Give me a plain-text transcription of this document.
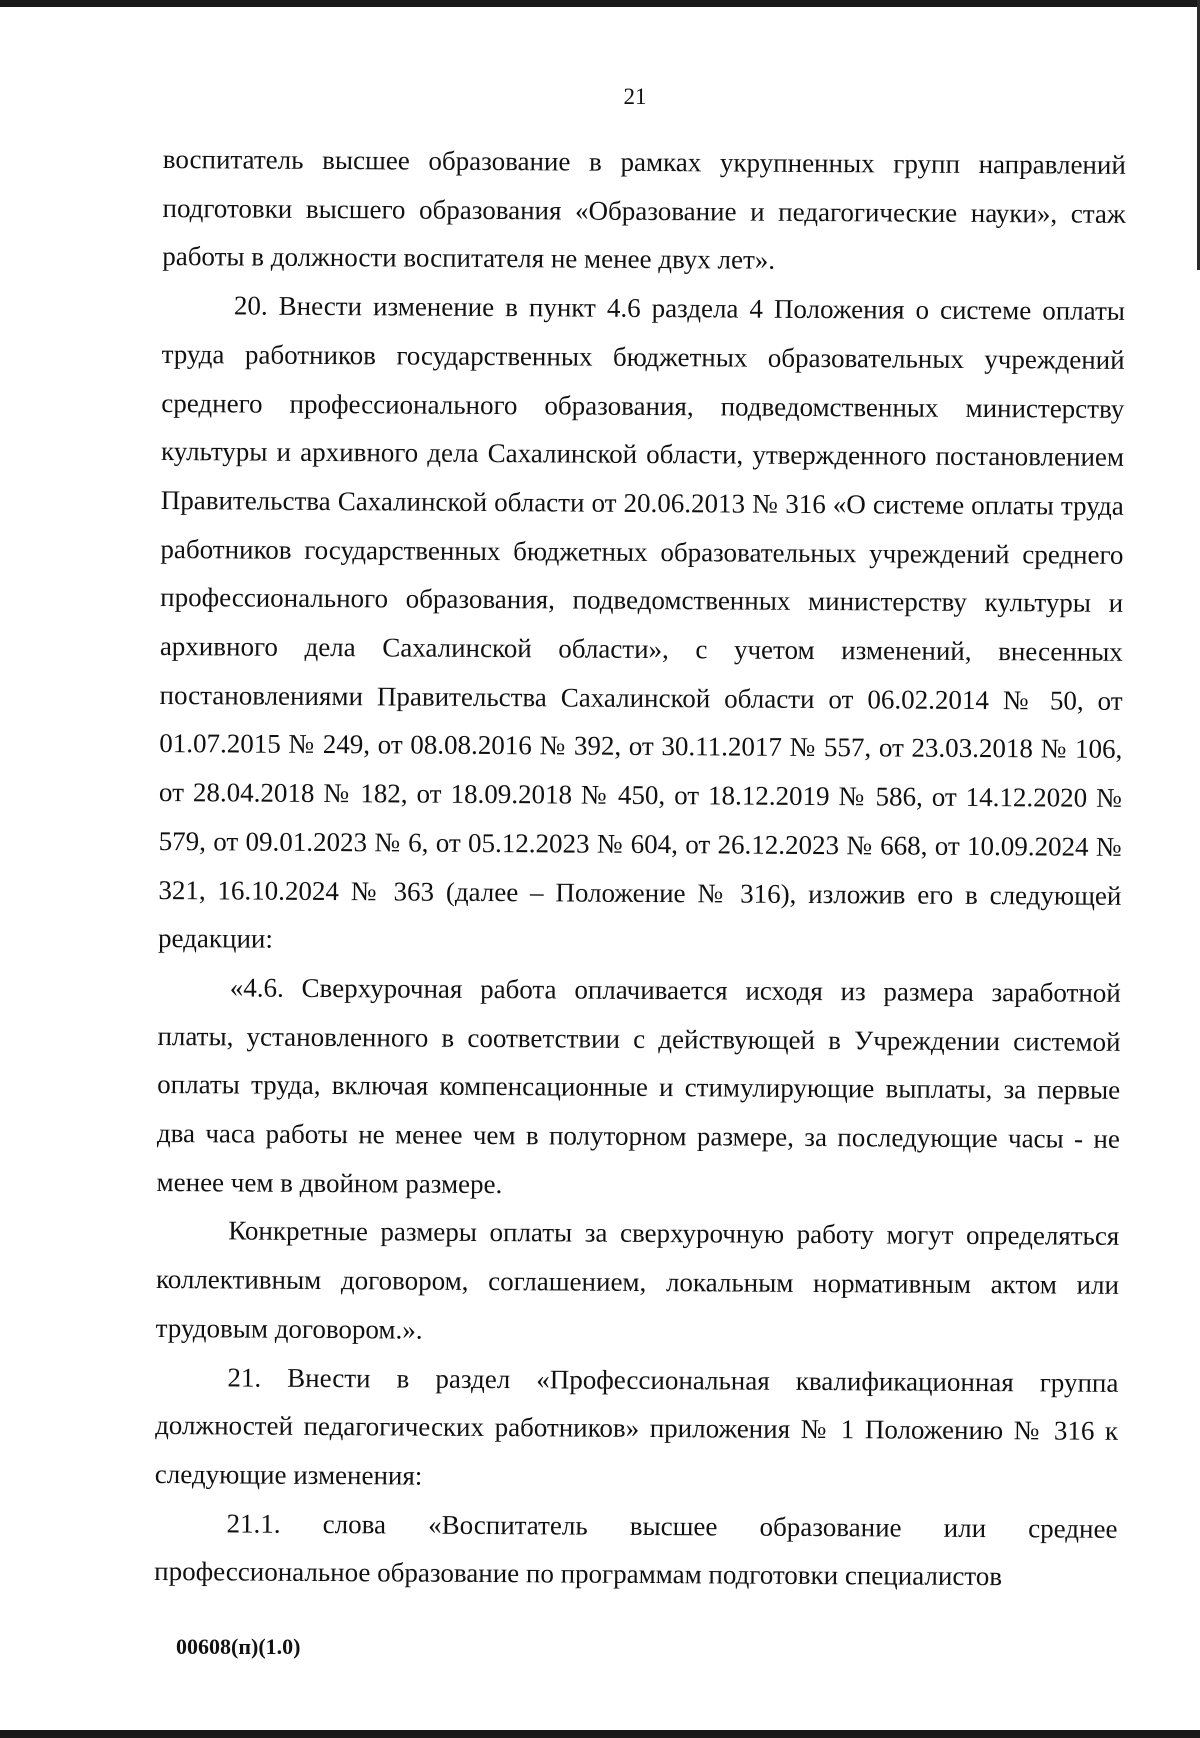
21

воспитатель высшее образование в рамках укрупненных групп направлений подготовки высшего образования «Образование и педагогические науки», стаж работы в должности воспитателя не менее двух лет».

20. Внести изменение в пункт 4.6 раздела 4 Положения о системе оплаты труда работников государственных бюджетных образовательных учреждений среднего профессионального образования, подведомственных министерству культуры и архивного дела Сахалинской области, утвержденного постановлением Правительства Сахалинской области от 20.06.2013 № 316 «О системе оплаты труда работников государственных бюджетных образовательных учреждений среднего профессионального образования, подведомственных министерству культуры и архивного дела Сахалинской области», с учетом изменений, внесенных постановлениями Правительства Сахалинской области от 06.02.2014 № 50, от 01.07.2015 № 249, от 08.08.2016 № 392, от 30.11.2017 № 557, от 23.03.2018 № 106, от 28.04.2018 № 182, от 18.09.2018 № 450, от 18.12.2019 № 586, от 14.12.2020 № 579, от 09.01.2023 № 6, от 05.12.2023 № 604, от 26.12.2023 № 668, от 10.09.2024 № 321, 16.10.2024 № 363 (далее – Положение № 316), изложив его в следующей редакции:

«4.6. Сверхурочная работа оплачивается исходя из размера заработной платы, установленного в соответствии с действующей в Учреждении системой оплаты труда, включая компенсационные и стимулирующие выплаты, за первые два часа работы не менее чем в полуторном размере, за последующие часы - не менее чем в двойном размере.

Конкретные размеры оплаты за сверхурочную работу могут определяться коллективным договором, соглашением, локальным нормативным актом или трудовым договором.».

21. Внести в раздел «Профессиональная квалификационная группа должностей педагогических работников» приложения № 1 Положению № 316 к следующие изменения:

21.1. слова «Воспитатель высшее образование или среднее профессиональное образование по программам подготовки специалистов

00608(п)(1.0)
